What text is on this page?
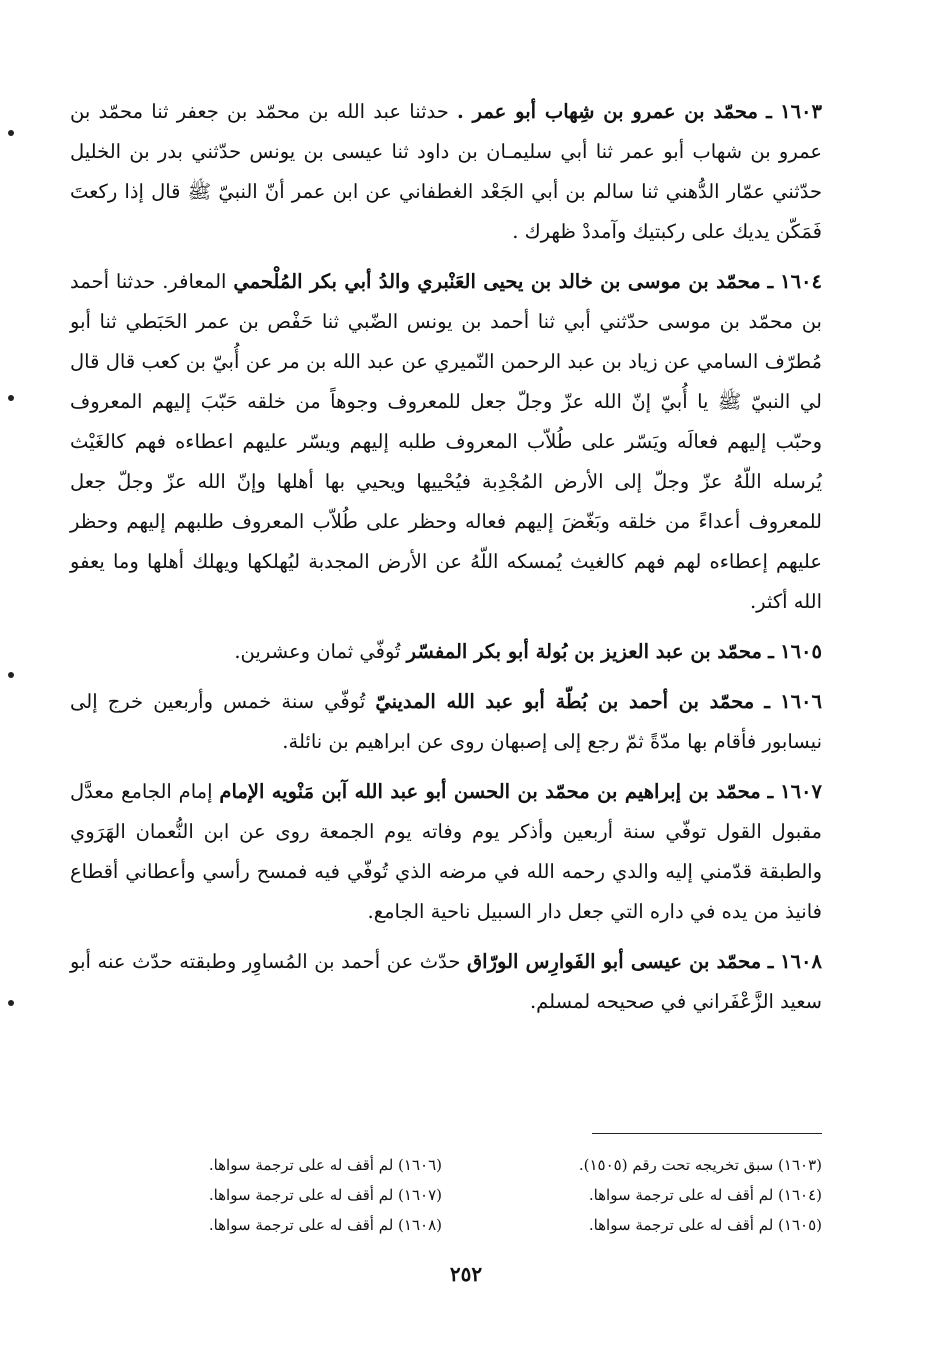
١٦٠٣ ـ محمّد بن عمرو بن شِهاب أبو عمر . حدثنا عبد الله بن محمّد بن جعفر ثنا محمّد بن عمرو بن شهاب أبو عمر ثنا أبي سليمـان بن داود ثنا عيسى بن يونس حدّثني بدر بن الخليل حدّثني عمّار الدُّهني ثنا سالم بن أبي الجَعْد الغطفاني عن ابن عمر أنّ النبيّ ﷺ قال إذا ركعتَ فَمَكّن يديك على ركبتيك وآمددْ ظهرك .

١٦٠٤ ـ محمّد بن موسى بن خالد بن يحيى العَنْبري والدُ أبي بكر المُلْحمي المعافر. حدثنا أحمد بن محمّد بن موسى حدّثني أبي ثنا أحمد بن يونس الضّبي ثنا حَفْص بن عمر الحَبَطي ثنا أبو مُطرّف السامي عن زياد بن عبد الرحمن النّميري عن عبد الله بن مر عن أُبيّ بن كعب قال قال لي النبيّ ﷺ يا أُبيّ إنّ الله عزّ وجلّ جعل للمعروف وجوهاً من خلقه حَبّبَ إليهم المعروف وحبّب إليهم فعالَه ويَسّر على طُلاّب المعروف طلبه إليهم ويسّر عليهم اعطاءه فهم كالغَيْث يُرسله اللّهُ عزّ وجلّ إلى الأرض المُجْدِبة فيُحْييها ويحيي بها أهلها وإنّ الله عزّ وجلّ جعل للمعروف أعداءً من خلقه وبَغّضَ إليهم فعاله وحظر على طُلاّب المعروف طلبهم إليهم وحظر عليهم إعطاءه لهم فهم كالغيث يُمسكه اللّهُ عن الأرض المجدبة ليُهلكها ويهلك أهلها وما يعفو الله أكثر.

١٦٠٥ ـ محمّد بن عبد العزيز بن بُولة أبو بكر المفسّر تُوفّي ثمان وعشرين.

١٦٠٦ ـ محمّد بن أحمد بن بُطّة أبو عبد الله المدينيّ تُوفّي سنة خمس وأربعين خرج إلى نيسابور فأقام بها مدّةً ثمّ رجع إلى إصبهان روى عن ابراهيم بن نائلة.

١٦٠٧ ـ محمّد بن إبراهيم بن محمّد بن الحسن أبو عبد الله آبن مَنْويه الإمام إمام الجامع معدَّل مقبول القول توفّي سنة أربعين وأذكر يوم وفاته يوم الجمعة روى عن ابن النُّعمان الهَرَوي والطبقة قدّمني إليه والدي رحمه الله في مرضه الذي تُوفّي فيه فمسح رأسي وأعطاني أقطاع فانيذ من يده في داره التي جعل دار السبيل ناحية الجامع.

١٦٠٨ ـ محمّد بن عيسى أبو الفَوارِس الورّاق حدّث عن أحمد بن المُساوِر وطبقته حدّث عنه أبو سعيد الزَّعْفَراني في صحيحه لمسلم.

(١٦٠٣) سبق تخريجه تحت رقم (١٥٠٥).
(١٦٠٤) لم أقف له على ترجمة سواها.
(١٦٠٥) لم أقف له على ترجمة سواها.
(١٦٠٦) لم أقف له على ترجمة سواها.
(١٦٠٧) لم أقف له على ترجمة سواها.
(١٦٠٨) لم أقف له على ترجمة سواها.
٢٥٢
